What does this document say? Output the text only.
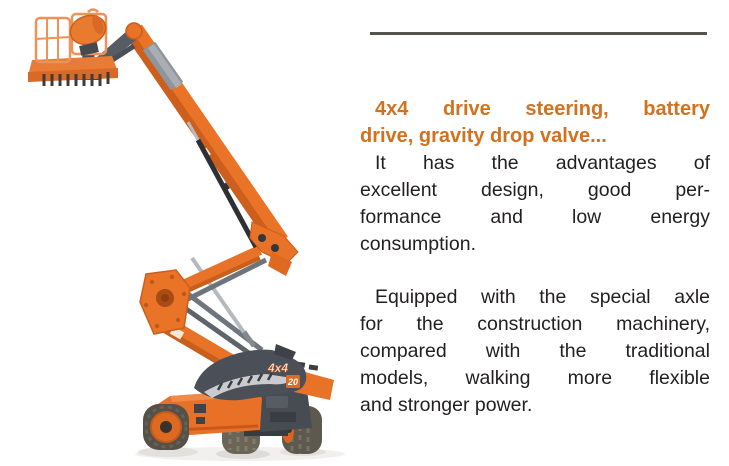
4x4
20
4x4 drive steering, battery
drive, gravity drop valve...
It has the advantages of
excellent design, good per-
formance and low energy
consumption.
Equipped with the special axle
for the construction machinery,
compared with the traditional
models, walking more flexible
and stronger power.
